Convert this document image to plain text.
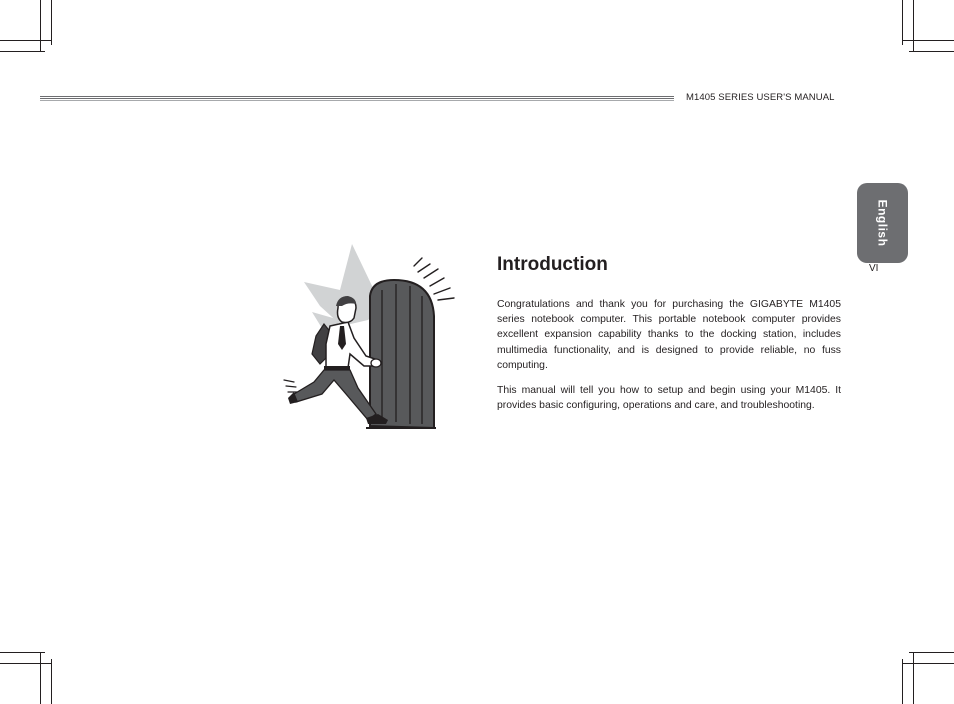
M1405 SERIES USER'S MANUAL
English
VI
Introduction

Congratulations and thank you for purchasing the GIGABYTE M1405 series notebook computer. This portable notebook computer provides excellent expansion capability thanks to the docking station, includes multimedia functionality, and is designed to provide reliable, no fuss computing.

This manual will tell you how to setup and begin using your M1405. It provides basic configuring, operations and care, and troubleshooting.
